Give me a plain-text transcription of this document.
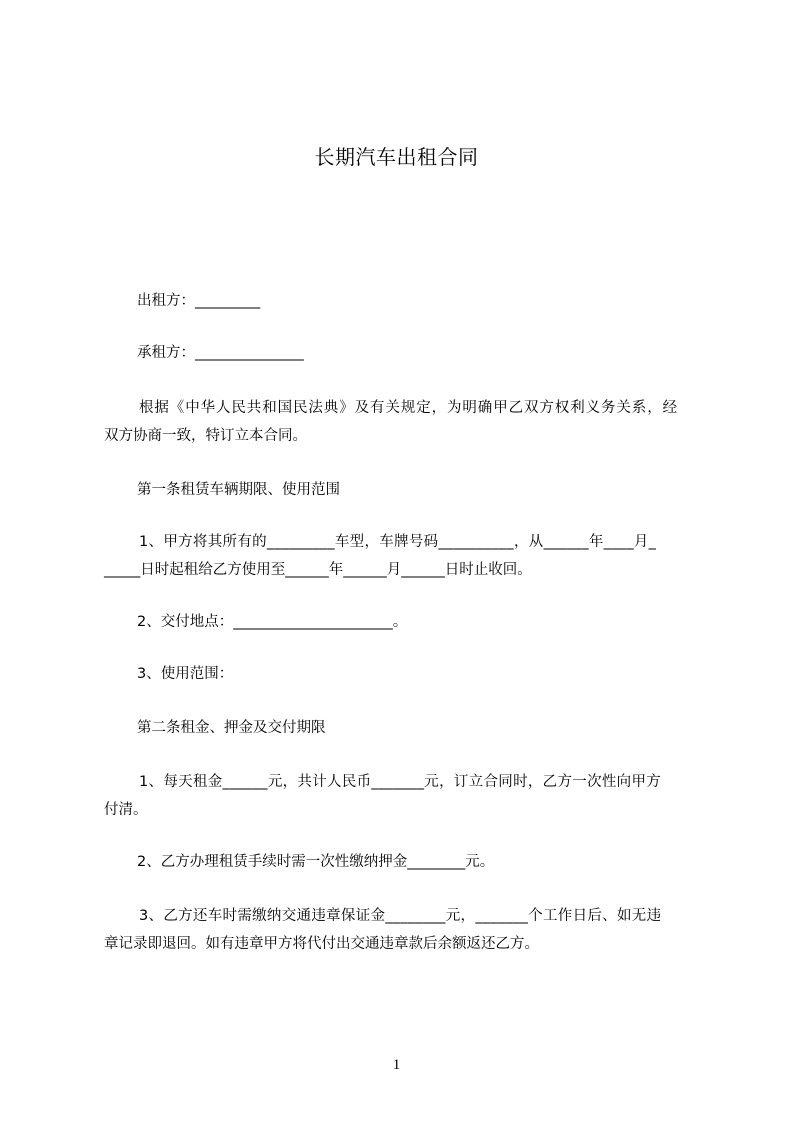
长期汽车出租合同
出租方：_________
承租方：_______________
根据《中华人民共和国民法典》及有关规定，为明确甲乙双方权利义务关系，经
双方协商一致，特订立本合同。
第一条租赁车辆期限、使用范围
1、甲方将其所有的_________车型，车牌号码__________，从______年____月_
_____日时起租给乙方使用至______年______月______日时止收回。
2、交付地点：______________________。
3、使用范围：
第二条租金、押金及交付期限
1、每天租金______元，共计人民币_______元，订立合同时，乙方一次性向甲方
付清。
2、乙方办理租赁手续时需一次性缴纳押金________元。
3、乙方还车时需缴纳交通违章保证金________元，_______个工作日后、如无违
章记录即退回。如有违章甲方将代付出交通违章款后余额返还乙方。
1
